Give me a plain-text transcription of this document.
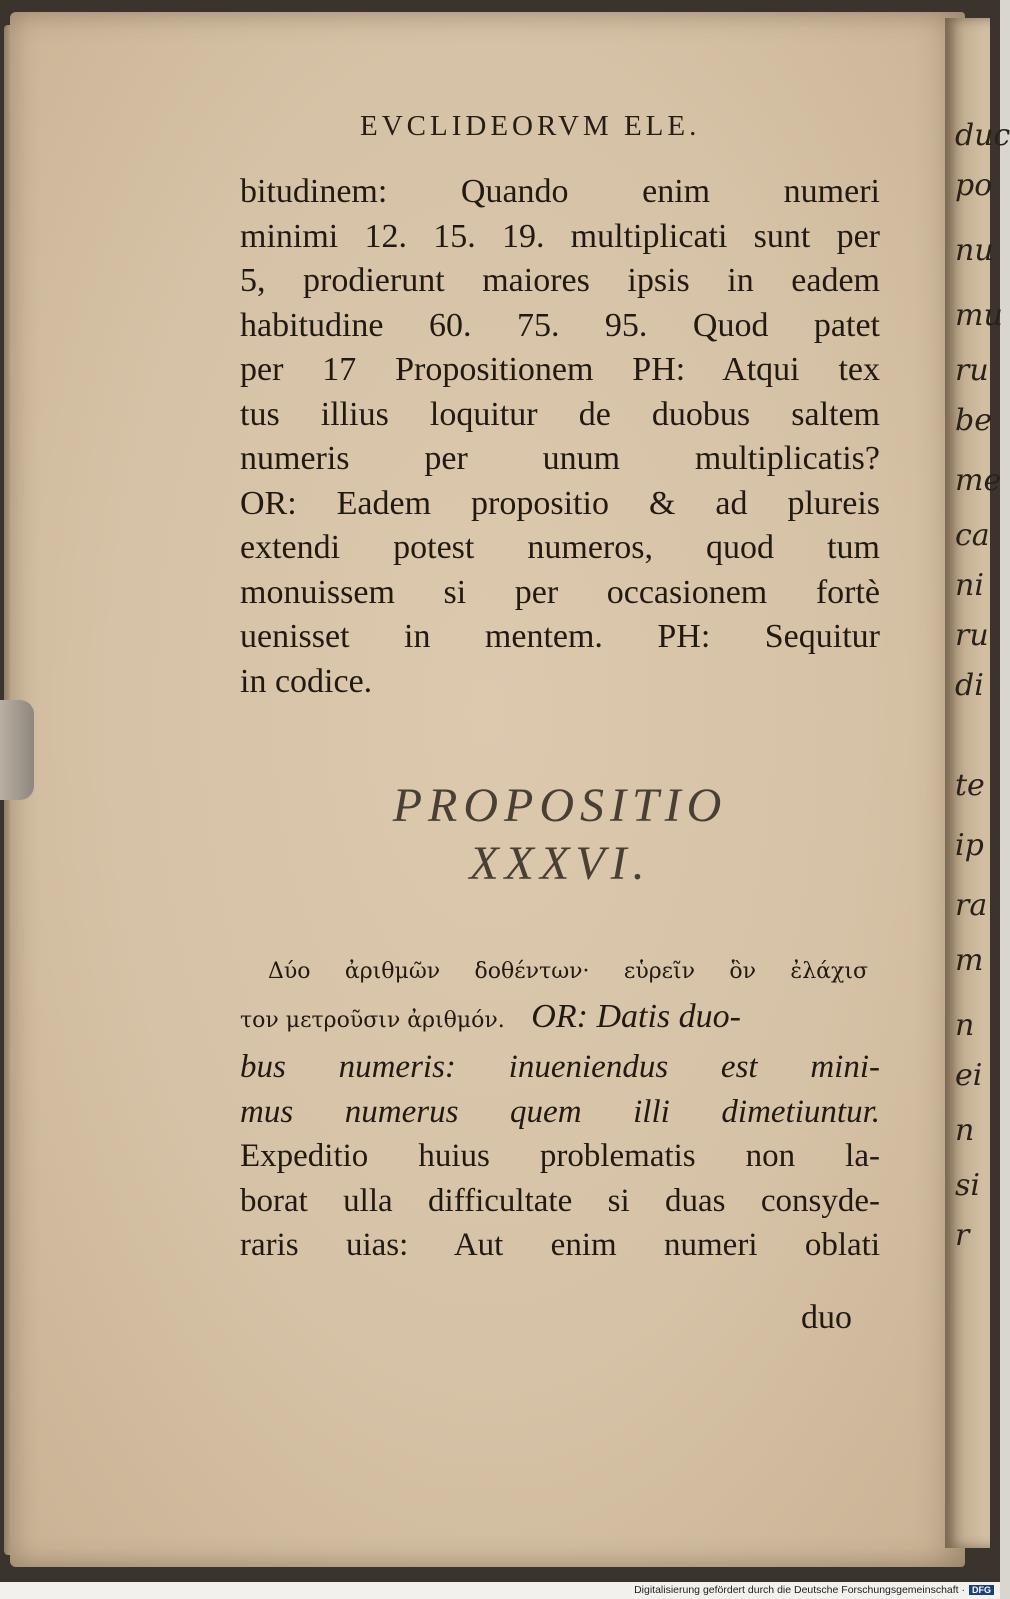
duc
po
nu
mu
ru
be
me
ca
ni
ru
di
te
ip
ra
m
n
ei
n
si
r
EVCLIDEORVM ELE.
bitudinem: Quando enim numeri
minimi 12. 15. 19. multiplicati sunt per
5, prodierunt maiores ipsis in eadem
habitudine 60. 75. 95. Quod patet
per 17 Propositionem PH: Atqui tex
tus illius loquitur de duobus saltem
numeris per unum multiplicatis?
OR: Eadem propositio & ad plureis
extendi potest numeros, quod tum
monuissem si per occasionem fortè
uenisset in mentem. PH: Sequitur
in codice.
PROPOSITIO
XXXVI.
Δύο ἀριθμῶν δοθέντων· εὑρεῖν ὃν ἐλάχισ
τον μετροῦσιν ἀριθμόν. OR: Datis duo-
bus numeris: inueniendus est mini-
mus numerus quem illi dimetiuntur.
Expeditio huius problematis non la-
borat ulla difficultate si duas consyde-
raris uias: Aut enim numeri oblati
duo
Digitalisierung gefördert durch die Deutsche Forschungsgemeinschaft · DFG
